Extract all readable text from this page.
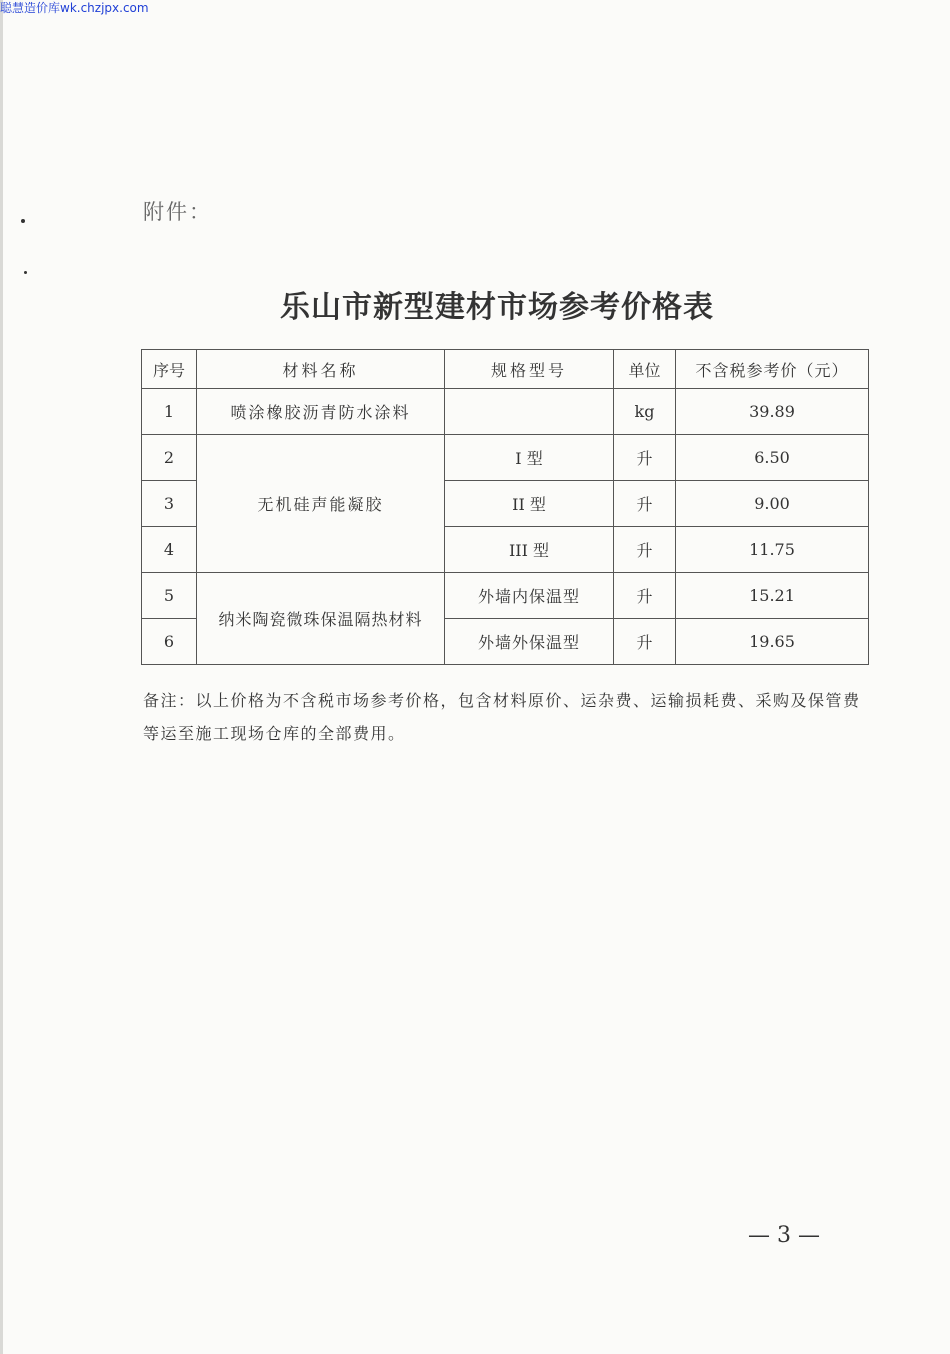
聪慧造价库wk.chzjpx.com
附件：
乐山市新型建材市场参考价格表
序号	材料名称	规格型号	单位	不含税参考价（元）
1	喷涂橡胶沥青防水涂料		kg	39.89
2	无机硅声能凝胶	I 型	升	6.50
3		II 型	升	9.00
4		III 型	升	11.75
5	纳米陶瓷微珠保温隔热材料	外墙内保温型	升	15.21
6		外墙外保温型	升	19.65
备注：以上价格为不含税市场参考价格，包含材料原价、运杂费、运输损耗费、采购及保管费等运至施工现场仓库的全部费用。
— 3 —
